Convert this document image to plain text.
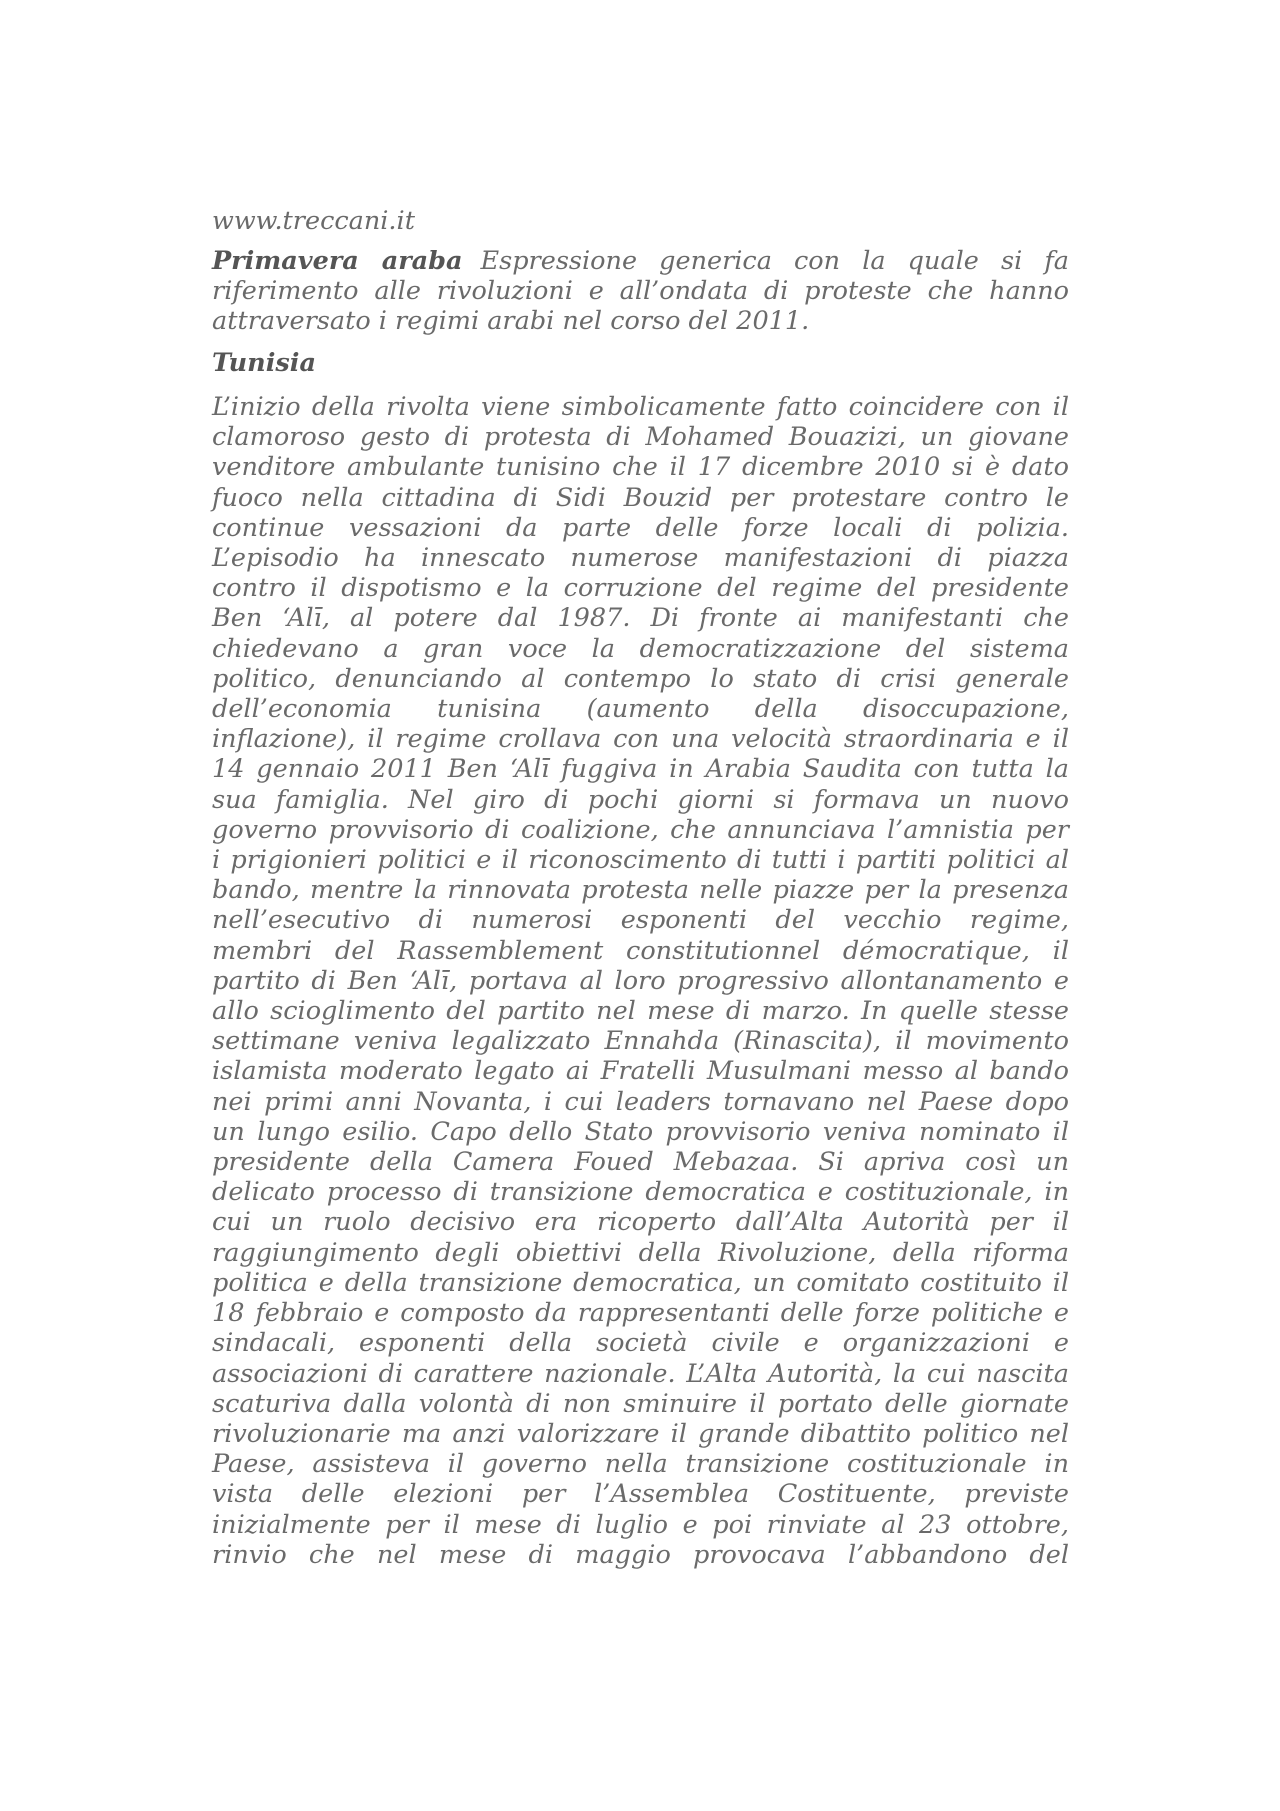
www.treccani.it

Primavera araba Espressione generica con la quale si fa riferimento alle rivoluzioni e all’ondata di proteste che hanno attraversato i regimi arabi nel corso del 2011.

Tunisia
L’inizio della rivolta viene simbolicamente fatto coincidere con il
clamoroso gesto di protesta di Mohamed Bouazizi, un giovane
venditore ambulante tunisino che il 17 dicembre 2010 si è dato
fuoco nella cittadina di Sidi Bouzid per protestare contro le
continue vessazioni da parte delle forze locali di polizia.
L’episodio ha innescato numerose manifestazioni di piazza
contro il dispotismo e la corruzione del regime del presidente
Ben ‘Alī, al potere dal 1987. Di fronte ai manifestanti che
chiedevano a gran voce la democratizzazione del sistema
politico, denunciando al contempo lo stato di crisi generale
dell’economia tunisina (aumento della disoccupazione,
inflazione), il regime crollava con una velocità straordinaria e il
14 gennaio 2011 Ben ‘Alī fuggiva in Arabia Saudita con tutta la
sua famiglia. Nel giro di pochi giorni si formava un nuovo
governo provvisorio di coalizione, che annunciava l’amnistia per
i prigionieri politici e il riconoscimento di tutti i partiti politici al
bando, mentre la rinnovata protesta nelle piazze per la presenza
nell’esecutivo di numerosi esponenti del vecchio regime,
membri del Rassemblement constitutionnel démocratique, il
partito di Ben ‘Alī, portava al loro progressivo allontanamento e
allo scioglimento del partito nel mese di marzo. In quelle stesse
settimane veniva legalizzato Ennahda (Rinascita), il movimento
islamista moderato legato ai Fratelli Musulmani messo al bando
nei primi anni Novanta, i cui leaders tornavano nel Paese dopo
un lungo esilio. Capo dello Stato provvisorio veniva nominato il
presidente della Camera Foued Mebazaa. Si apriva così un
delicato processo di transizione democratica e costituzionale, in
cui un ruolo decisivo era ricoperto dall’Alta Autorità per il
raggiungimento degli obiettivi della Rivoluzione, della riforma
politica e della transizione democratica, un comitato costituito il
18 febbraio e composto da rappresentanti delle forze politiche e
sindacali, esponenti della società civile e organizzazioni e
associazioni di carattere nazionale. L’Alta Autorità, la cui nascita
scaturiva dalla volontà di non sminuire il portato delle giornate
rivoluzionarie ma anzi valorizzare il grande dibattito politico nel
Paese, assisteva il governo nella transizione costituzionale in
vista delle elezioni per l’Assemblea Costituente, previste
inizialmente per il mese di luglio e poi rinviate al 23 ottobre,
rinvio che nel mese di maggio provocava l’abbandono del
